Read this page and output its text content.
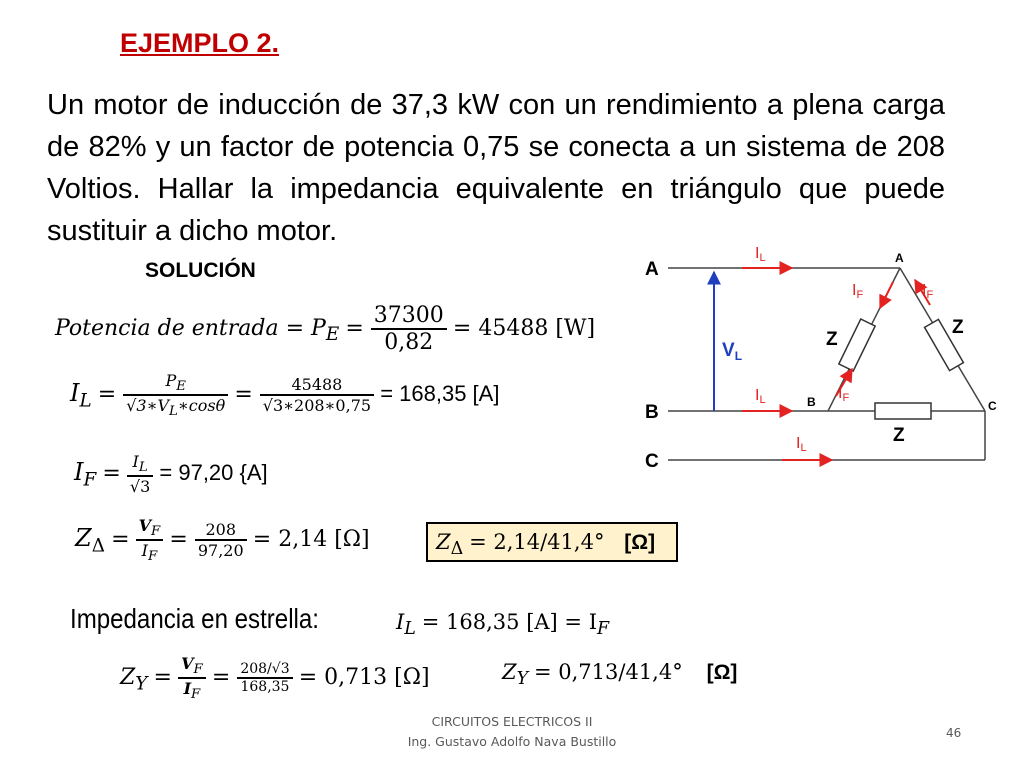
EJEMPLO 2.
Un motor de inducción de 37,3 kW con un rendimiento a plena carga de 82% y un factor de potencia 0,75 se conecta a un sistema de 208 Voltios. Hallar la impedancia equivalente en triángulo que puede sustituir a dicho motor.
SOLUCIÓN
Potencia de entrada = $P_E = \frac{37300}{0,82} = 45488$ [W]
$I_L = \frac{P_E}{√3∗V_L∗\cos\theta} = \frac{45488}{√3∗208∗0,75} = 168,35$ [A]
$I_F = \frac{I_L}{√3} = 97,20$ {A]
$Z_\Delta = \frac{V_F}{I_F} = \frac{208}{97,20} = 2,14$ [Ω]	$Z_\Delta = 2,14/41,4^\circ$ [Ω]
Impedancia en estrella:	$I_L = 168,35$ $[A] = I_F$
$Z_Y = \frac{V_F}{I_F} = \frac{208/√3}{168,35} = 0,713$ [Ω]	$Z_Y = 0,713/41,4^\circ$ [Ω]
A
B
C
A
B	C
$V_L$
IL
IL
IL
IF	IF
IF
Z
Z
Z
CIRCUITOS ELECTRICOS II
Ing. Gustavo Adolfo Nava Bustillo
46
